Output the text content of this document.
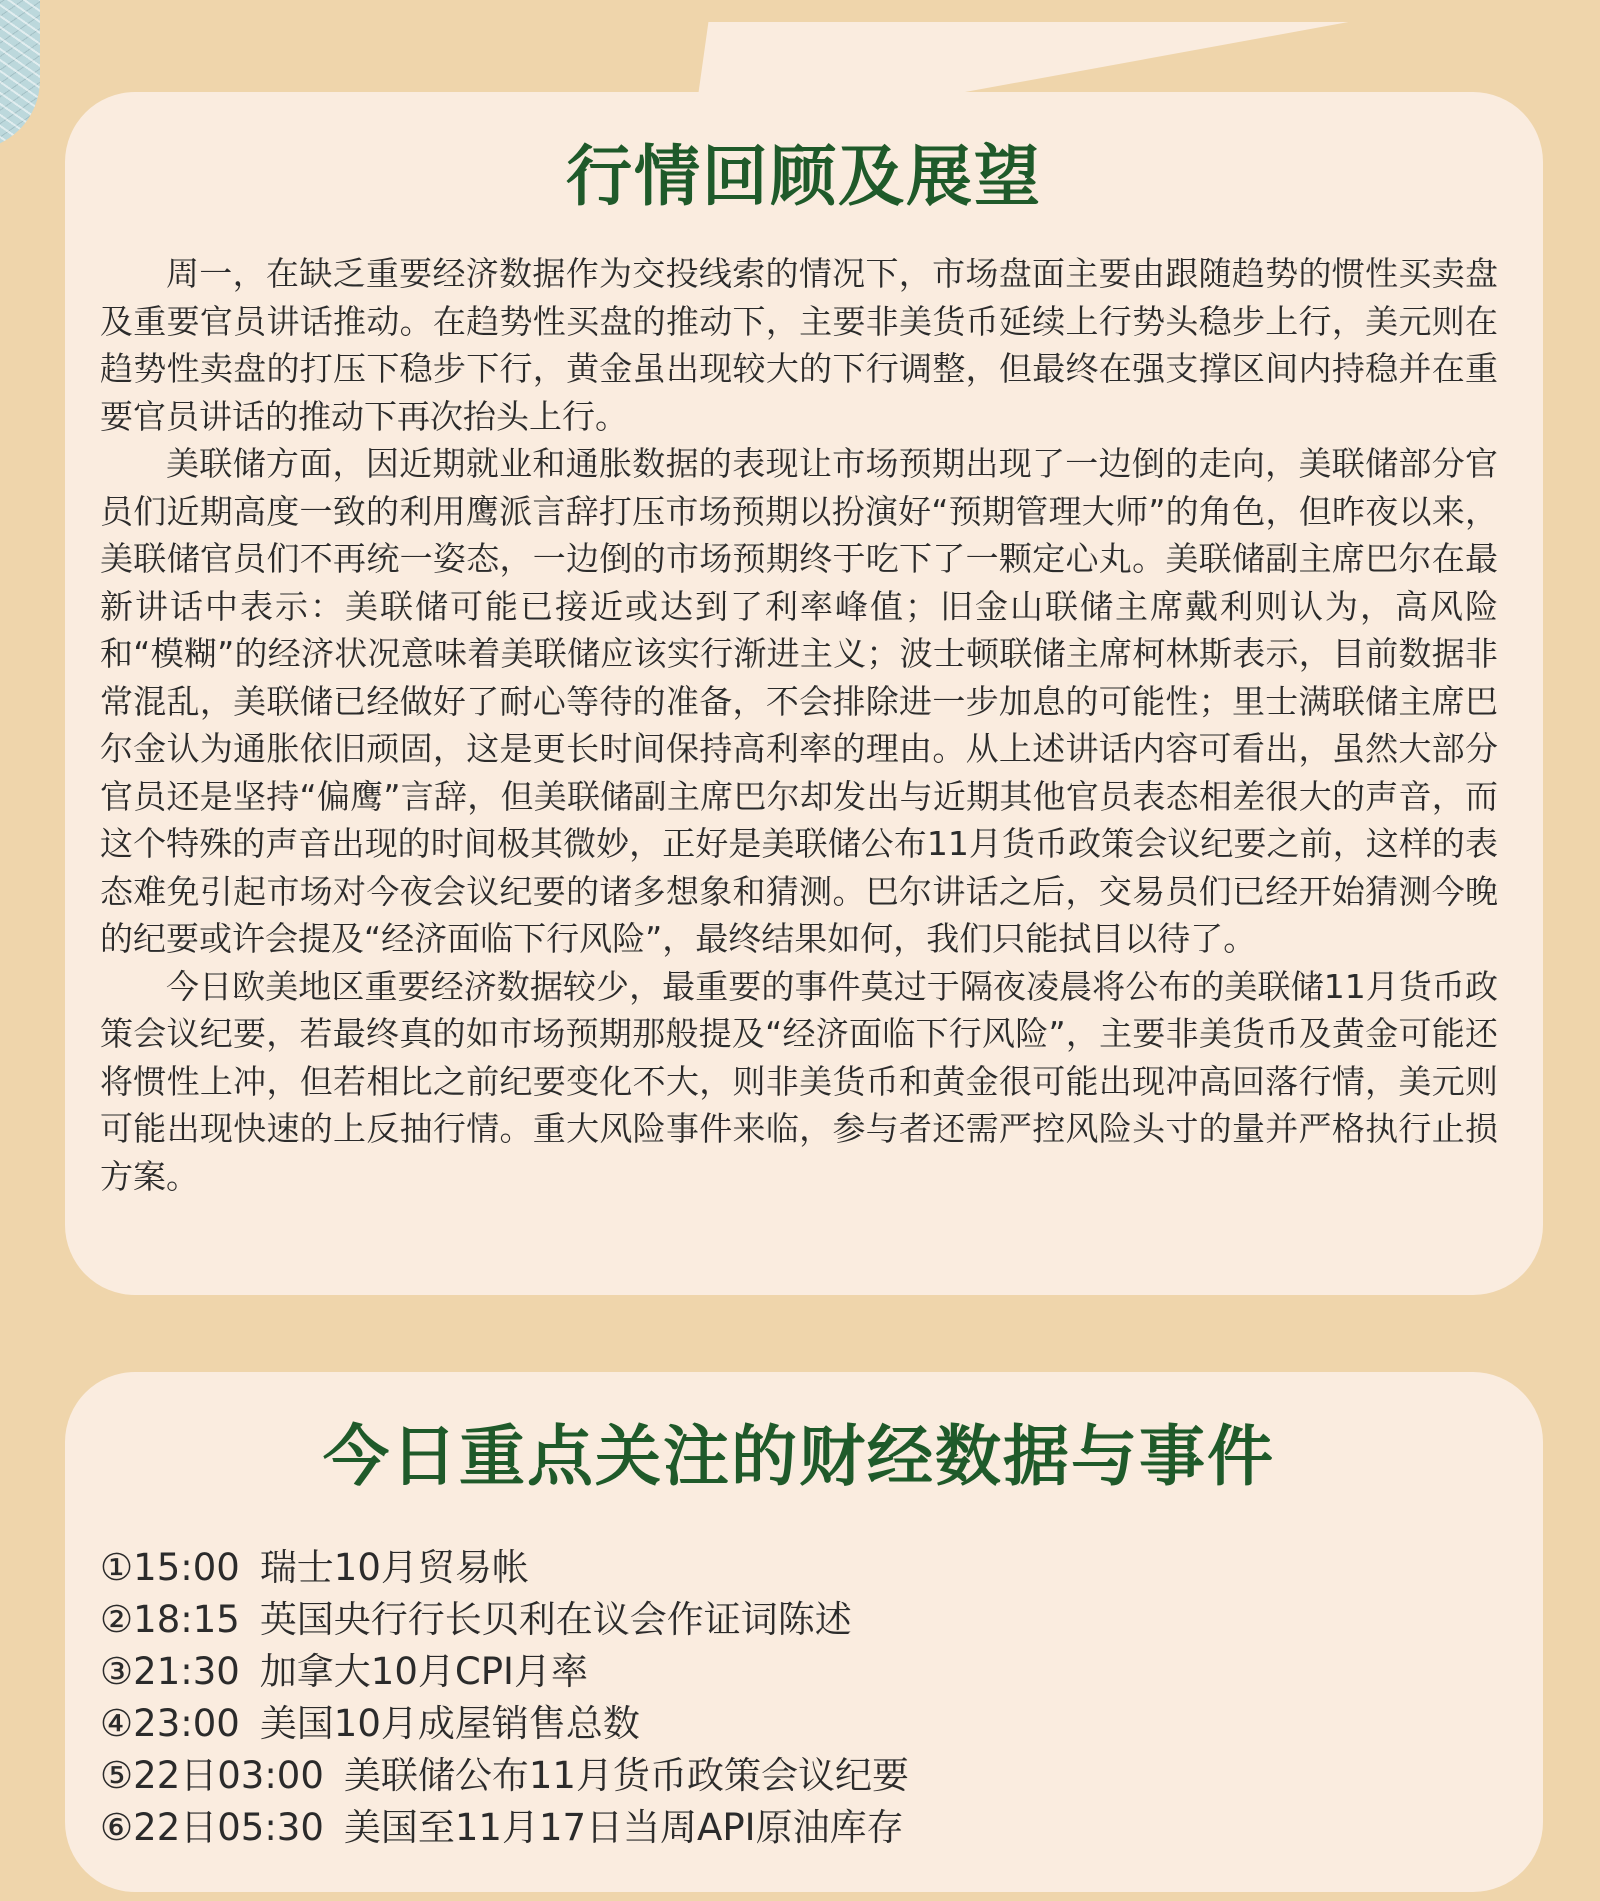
行情回顾及展望

周一，在缺乏重要经济数据作为交投线索的情况下，市场盘面主要由跟随趋势的惯性买卖盘及重要官员讲话推动。在趋势性买盘的推动下，主要非美货币延续上行势头稳步上行，美元则在趋势性卖盘的打压下稳步下行，黄金虽出现较大的下行调整，但最终在强支撑区间内持稳并在重要官员讲话的推动下再次抬头上行。

美联储方面，因近期就业和通胀数据的表现让市场预期出现了一边倒的走向，美联储部分官员们近期高度一致的利用鹰派言辞打压市场预期以扮演好“预期管理大师”的角色，但昨夜以来，美联储官员们不再统一姿态，一边倒的市场预期终于吃下了一颗定心丸。美联储副主席巴尔在最新讲话中表示：美联储可能已接近或达到了利率峰值；旧金山联储主席戴利则认为，高风险和“模糊”的经济状况意味着美联储应该实行渐进主义；波士顿联储主席柯林斯表示，目前数据非常混乱，美联储已经做好了耐心等待的准备，不会排除进一步加息的可能性；里士满联储主席巴尔金认为通胀依旧顽固，这是更长时间保持高利率的理由。从上述讲话内容可看出，虽然大部分官员还是坚持“偏鹰”言辞，但美联储副主席巴尔却发出与近期其他官员表态相差很大的声音，而这个特殊的声音出现的时间极其微妙，正好是美联储公布11月货币政策会议纪要之前，这样的表态难免引起市场对今夜会议纪要的诸多想象和猜测。巴尔讲话之后，交易员们已经开始猜测今晚的纪要或许会提及“经济面临下行风险”，最终结果如何，我们只能拭目以待了。

今日欧美地区重要经济数据较少，最重要的事件莫过于隔夜凌晨将公布的美联储11月货币政策会议纪要，若最终真的如市场预期那般提及“经济面临下行风险”，主要非美货币及黄金可能还将惯性上冲，但若相比之前纪要变化不大，则非美货币和黄金很可能出现冲高回落行情，美元则可能出现快速的上反抽行情。重大风险事件来临，参与者还需严控风险头寸的量并严格执行止损方案。

今日重点关注的财经数据与事件
①15:00 瑞士10月贸易帐
②18:15 英国央行行长贝利在议会作证词陈述
③21:30 加拿大10月CPI月率
④23:00 美国10月成屋销售总数
⑤22日03:00 美联储公布11月货币政策会议纪要
⑥22日05:30 美国至11月17日当周API原油库存
